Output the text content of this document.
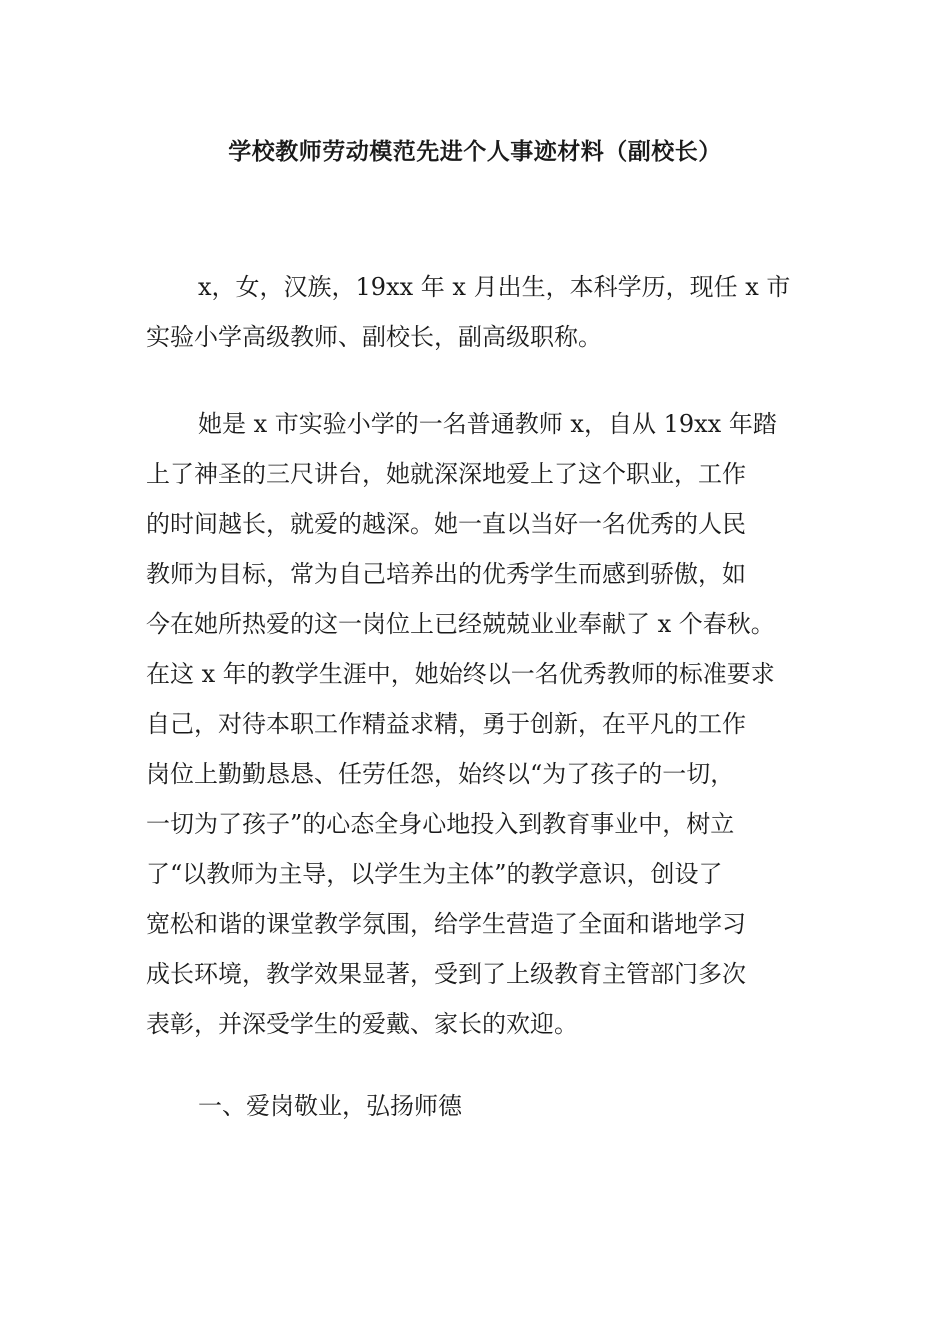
学校教师劳动模范先进个人事迹材料（副校长）
x，女，汉族，19xx 年 x 月出生，本科学历，现任 x 市
实验小学高级教师、副校长，副高级职称。
她是 x 市实验小学的一名普通教师 x，自从 19xx 年踏
上了神圣的三尺讲台，她就深深地爱上了这个职业，工作
的时间越长，就爱的越深。她一直以当好一名优秀的人民
教师为目标，常为自己培养出的优秀学生而感到骄傲，如
今在她所热爱的这一岗位上已经兢兢业业奉献了 x 个春秋。
在这 x 年的教学生涯中，她始终以一名优秀教师的标准要求
自己，对待本职工作精益求精，勇于创新，在平凡的工作
岗位上勤勤恳恳、任劳任怨，始终以“为了孩子的一切，
一切为了孩子”的心态全身心地投入到教育事业中，树立
了“以教师为主导，以学生为主体”的教学意识，创设了
宽松和谐的课堂教学氛围，给学生营造了全面和谐地学习
成长环境，教学效果显著，受到了上级教育主管部门多次
表彰，并深受学生的爱戴、家长的欢迎。
一、爱岗敬业，弘扬师德
